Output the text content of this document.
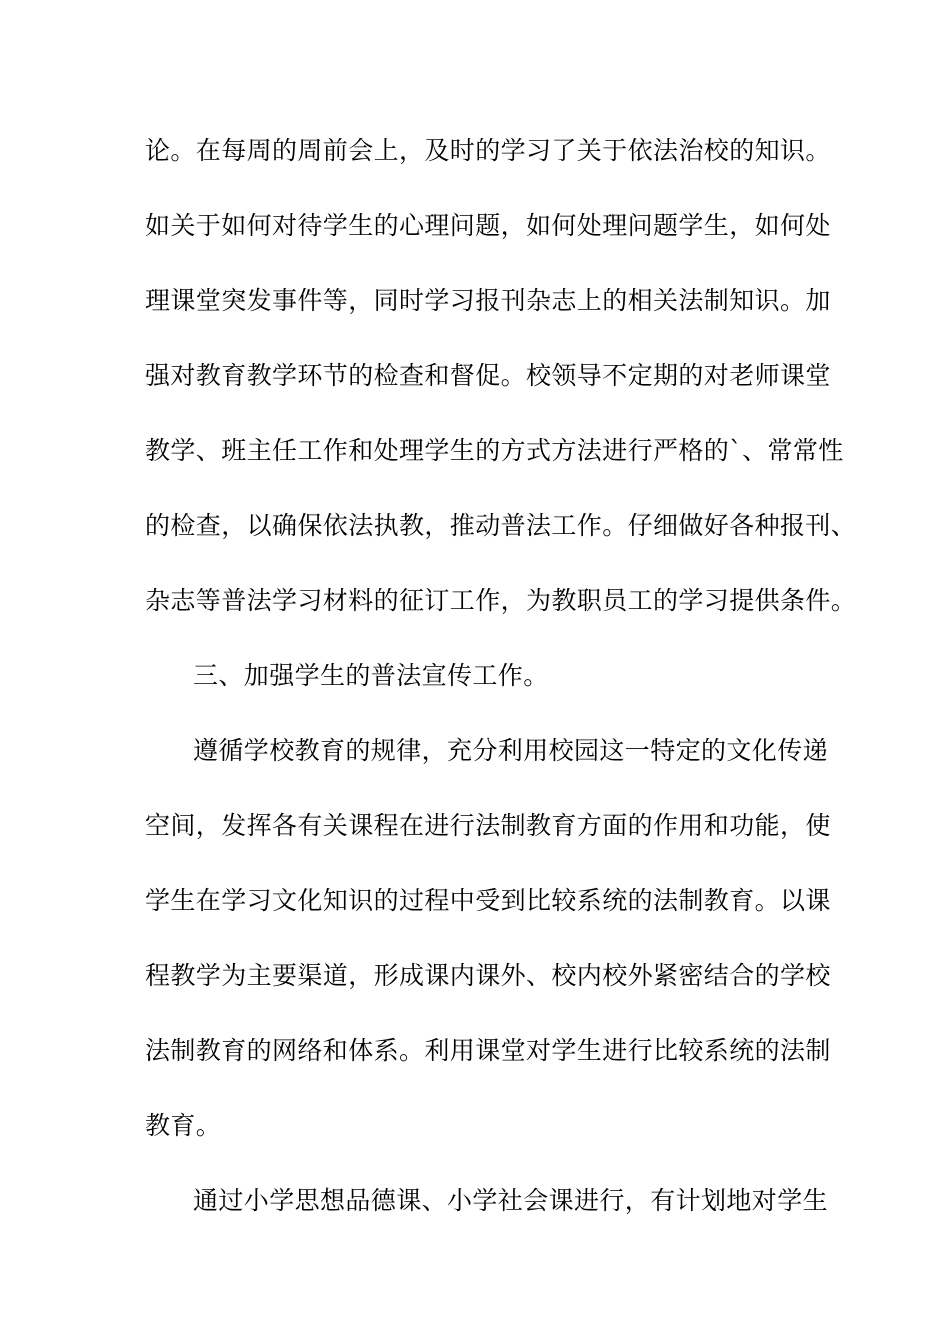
论。在每周的周前会上，及时的学习了关于依法治校的知识。
如关于如何对待学生的心理问题，如何处理问题学生，如何处
理课堂突发事件等，同时学习报刊杂志上的相关法制知识。加
强对教育教学环节的检查和督促。校领导不定期的对老师课堂
教学、班主任工作和处理学生的方式方法进行严格的`、常常性
的检查，以确保依法执教，推动普法工作。仔细做好各种报刊、
杂志等普法学习材料的征订工作，为教职员工的学习提供条件。
三、加强学生的普法宣传工作。
遵循学校教育的规律，充分利用校园这一特定的文化传递
空间，发挥各有关课程在进行法制教育方面的作用和功能，使
学生在学习文化知识的过程中受到比较系统的法制教育。以课
程教学为主要渠道，形成课内课外、校内校外紧密结合的学校
法制教育的网络和体系。利用课堂对学生进行比较系统的法制
教育。
通过小学思想品德课、小学社会课进行，有计划地对学生
